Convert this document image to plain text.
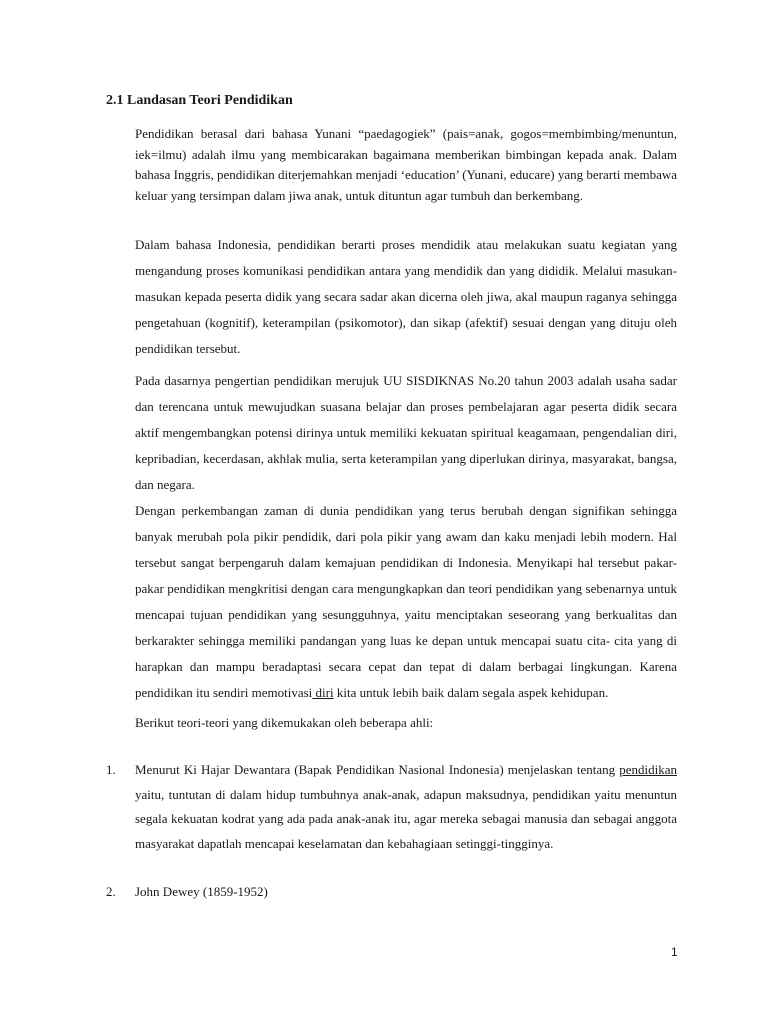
2.1 Landasan Teori Pendidikan

Pendidikan berasal dari bahasa Yunani “paedagogiek” (pais=anak, gogos=membimbing/menuntun, iek=ilmu) adalah ilmu yang membicarakan bagaimana memberikan bimbingan kepada anak. Dalam bahasa Inggris, pendidikan diterjemahkan menjadi ‘education’ (Yunani, educare) yang berarti membawa keluar yang tersimpan dalam jiwa anak, untuk dituntun agar tumbuh dan berkembang.

Dalam bahasa Indonesia, pendidikan berarti proses mendidik atau melakukan suatu kegiatan yang mengandung proses komunikasi pendidikan antara yang mendidik dan yang dididik. Melalui masukan-masukan kepada peserta didik yang secara sadar akan dicerna oleh jiwa, akal maupun raganya sehingga pengetahuan (kognitif), keterampilan (psikomotor), dan sikap (afektif) sesuai dengan yang dituju oleh pendidikan tersebut.

Pada dasarnya pengertian pendidikan merujuk UU SISDIKNAS No.20 tahun 2003 adalah usaha sadar dan terencana untuk mewujudkan suasana belajar dan proses pembelajaran agar peserta didik secara aktif mengembangkan potensi dirinya untuk memiliki kekuatan spiritual keagamaan, pengendalian diri, kepribadian, kecerdasan, akhlak mulia, serta keterampilan yang diperlukan dirinya, masyarakat, bangsa, dan negara.
Dengan perkembangan zaman di dunia pendidikan yang terus berubah dengan signifikan sehingga banyak merubah pola pikir pendidik, dari pola pikir yang awam dan kaku menjadi lebih modern. Hal tersebut sangat berpengaruh dalam kemajuan pendidikan di Indonesia. Menyikapi hal tersebut pakar-pakar pendidikan mengkritisi dengan cara mengungkapkan dan teori pendidikan yang sebenarnya untuk mencapai tujuan pendidikan yang sesungguhnya, yaitu menciptakan seseorang yang berkualitas dan berkarakter sehingga memiliki pandangan yang luas ke depan untuk mencapai suatu cita- cita yang di harapkan dan mampu beradaptasi secara cepat dan tepat di dalam berbagai lingkungan. Karena pendidikan itu sendiri memotivasi diri kita untuk lebih baik dalam segala aspek kehidupan.

Berikut teori-teori yang dikemukakan oleh beberapa ahli:

1. Menurut Ki Hajar Dewantara (Bapak Pendidikan Nasional Indonesia) menjelaskan tentang pendidikan yaitu, tuntutan di dalam hidup tumbuhnya anak-anak, adapun maksudnya, pendidikan yaitu menuntun segala kekuatan kodrat yang ada pada anak-anak itu, agar mereka sebagai manusia dan sebagai anggota masyarakat dapatlah mencapai keselamatan dan kebahagiaan setinggi-tingginya.
2. John Dewey (1859-1952)
1
